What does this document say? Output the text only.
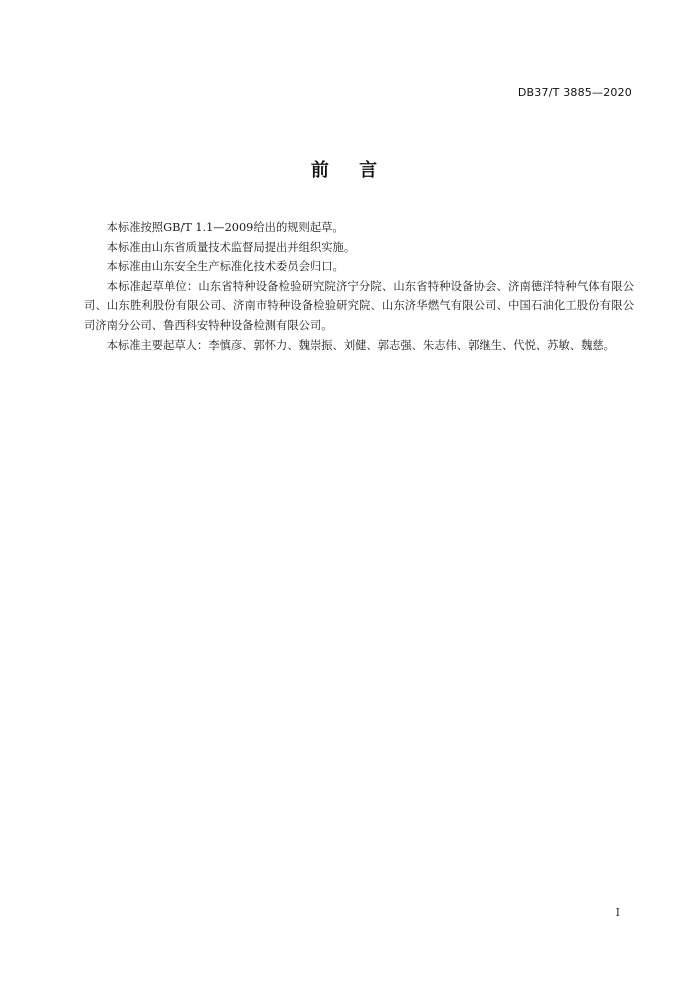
DB37/T 3885—2020
前 言

本标准按照GB/T 1.1—2009给出的规则起草。

本标准由山东省质量技术监督局提出并组织实施。

本标准由山东安全生产标准化技术委员会归口。

本标准起草单位：山东省特种设备检验研究院济宁分院、山东省特种设备协会、济南德洋特种气体有限公司、山东胜利股份有限公司、济南市特种设备检验研究院、山东济华燃气有限公司、中国石油化工股份有限公司济南分公司、鲁西科安特种设备检测有限公司。

本标准主要起草人：李慎彦、郭怀力、魏崇振、刘健、郭志强、朱志伟、郭继生、代悦、苏敏、魏慈。

I
